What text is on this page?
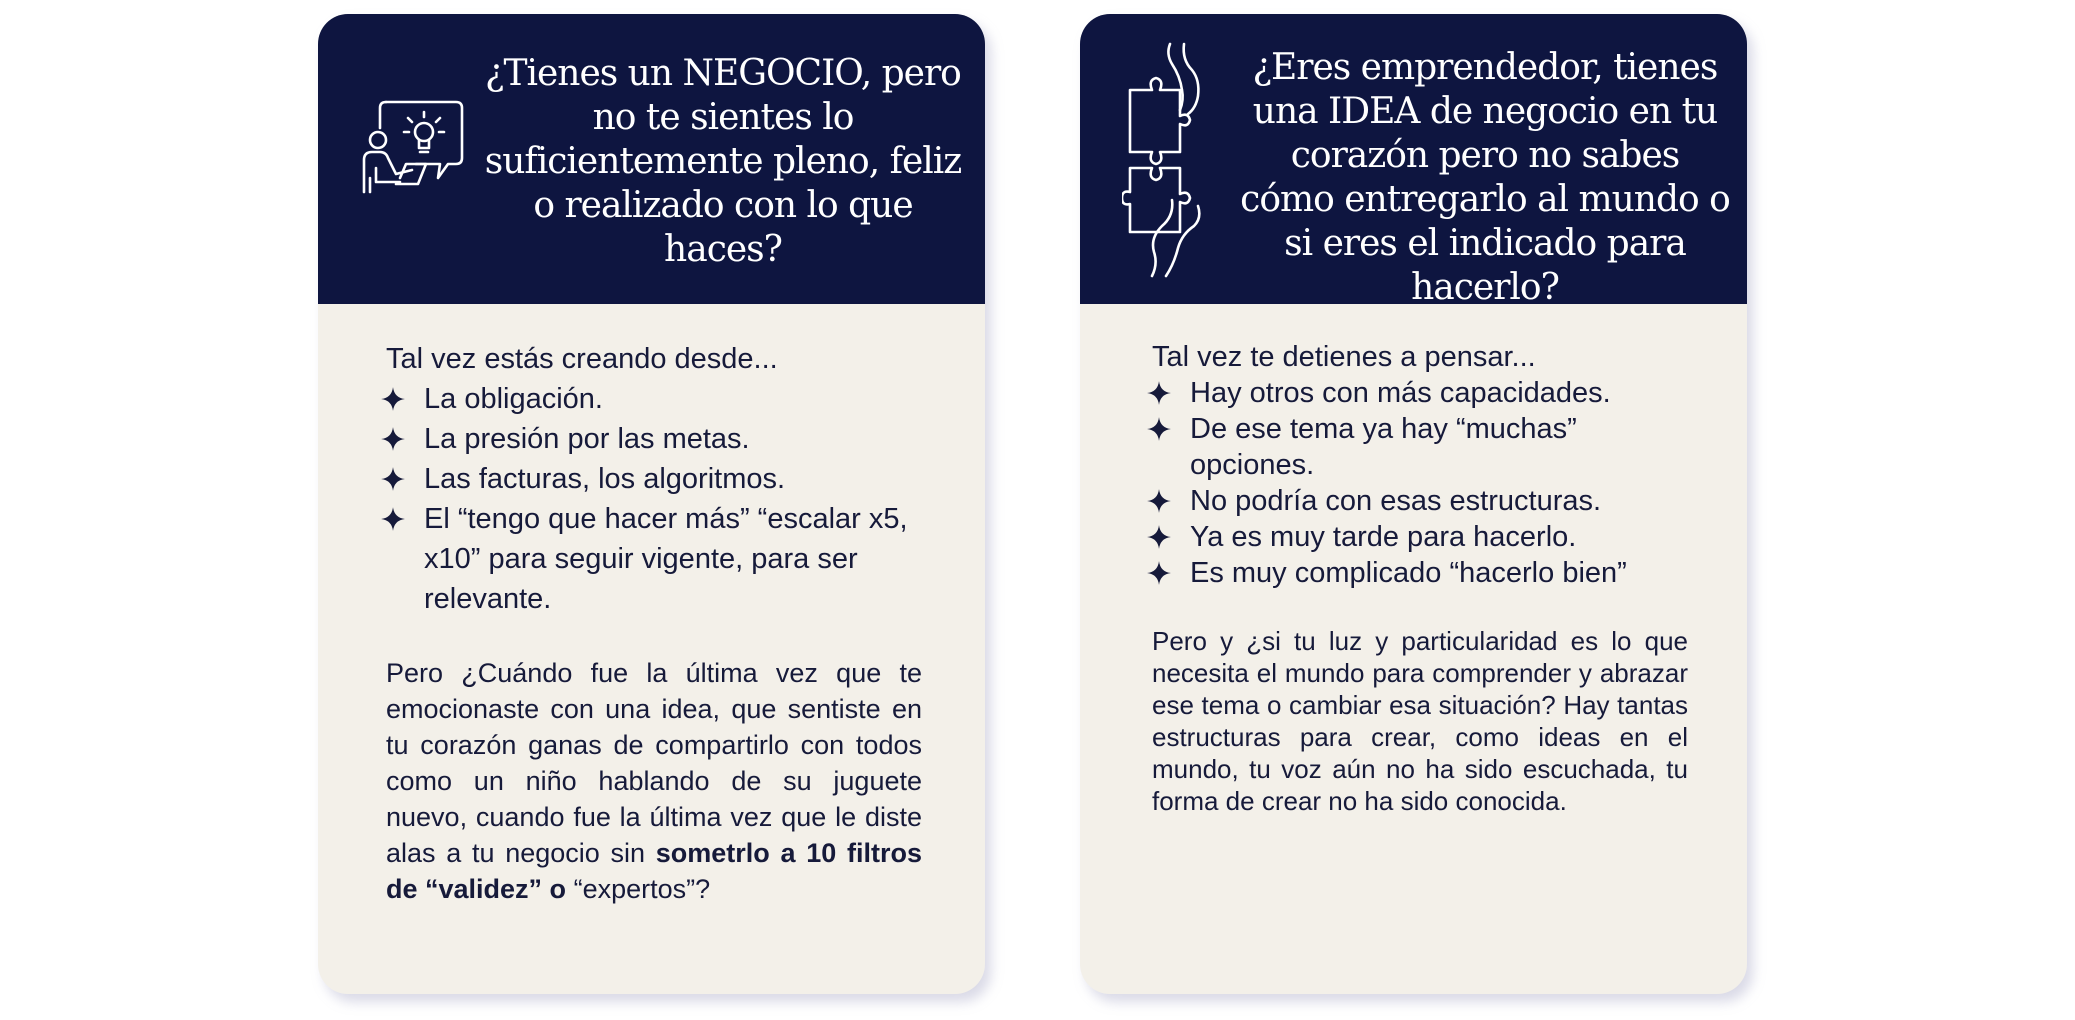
¿Tienes un NEGOCIO, pero no te sientes lo suficientemente pleno, feliz o realizado con lo que haces?

Tal vez estás creando desde...

La obligación.
La presión por las metas.
Las facturas, los algoritmos.
El “tengo que hacer más” “escalar x5, x10” para seguir vigente, para ser relevante.

Pero ¿Cuándo fue la última vez que te emocionaste con una idea, que sentiste en tu corazón ganas de compartirlo con todos como un niño hablando de su juguete nuevo, cuando fue la última vez que le diste alas a tu negocio sin sometrlo a 10 filtros de “validez” o “expertos”?

¿Eres emprendedor, tienes una IDEA de negocio en tu corazón pero no sabes cómo entregarlo al mundo o si eres el indicado para hacerlo?

Tal vez te detienes a pensar...

Hay otros con más capacidades.
De ese tema ya hay “muchas” opciones.
No podría con esas estructuras.
Ya es muy tarde para hacerlo.
Es muy complicado “hacerlo bien”

Pero y ¿si tu luz y particularidad es lo que necesita el mundo para comprender y abrazar ese tema o cambiar esa situación? Hay tantas estructuras para crear, como ideas en el mundo, tu voz aún no ha sido escuchada, tu forma de crear no ha sido conocida.
